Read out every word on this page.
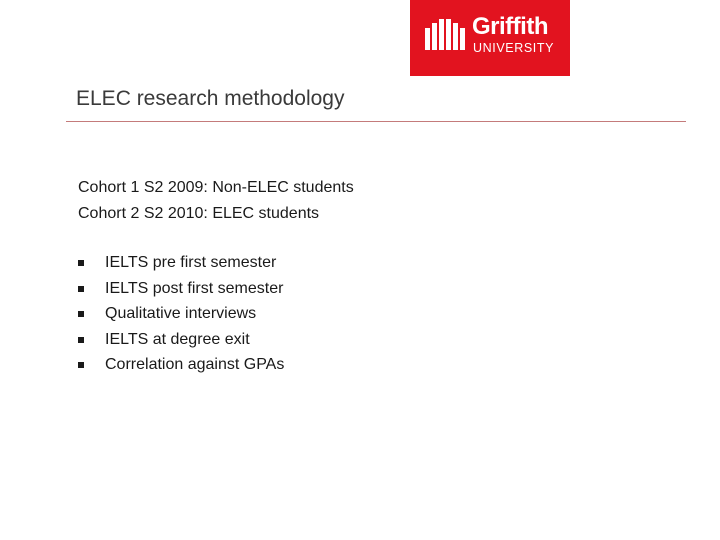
Griffith
UNIVERSITY
ELEC research methodology
Cohort 1 S2 2009: Non-ELEC students
Cohort 2 S2 2010: ELEC students
IELTS pre first semester
IELTS post first semester
Qualitative interviews
IELTS at degree exit
Correlation against GPAs
